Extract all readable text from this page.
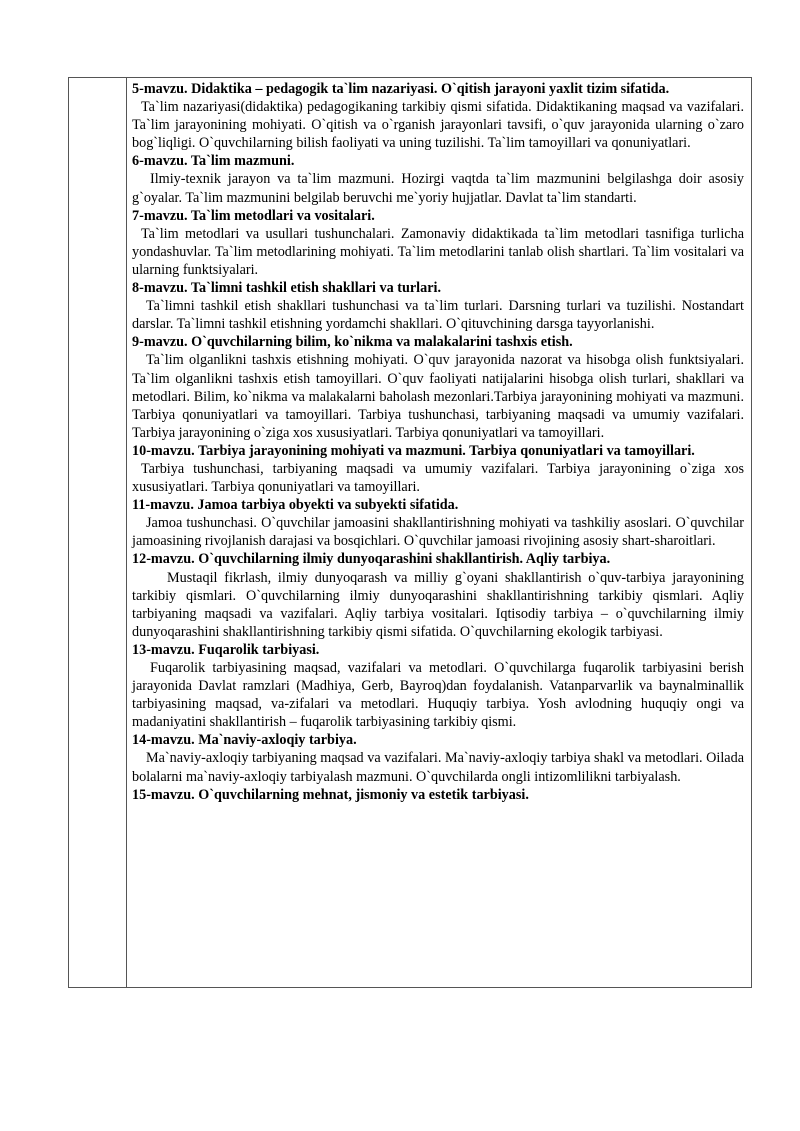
5-mavzu. Didaktika – pedagogik ta`lim nazariyasi. O`qitish jarayoni yaxlit tizim sifatida.

Ta`lim nazariyasi(didaktika) pedagogikaning tarkibiy qismi sifatida. Didaktikaning maqsad va vazifalari. Ta`lim jarayonining mohiyati. O`qitish va o`rganish jarayonlari tavsifi, o`quv jarayonida ularning o`zaro bog`liqligi. O`quvchilarning bilish faoliyati va uning tuzilishi. Ta`lim tamoyillari va qonuniyatlari.

6-mavzu. Ta`lim mazmuni.

Ilmiy-texnik jarayon va ta`lim mazmuni. Hozirgi vaqtda ta`lim mazmunini belgilashga doir asosiy g`oyalar. Ta`lim mazmunini belgilab beruvchi me`yoriy hujjatlar. Davlat ta`lim standarti.

7-mavzu. Ta`lim metodlari va vositalari.

Ta`lim metodlari va usullari tushunchalari. Zamonaviy didaktikada ta`lim metodlari tasnifiga turlicha yondashuvlar. Ta`lim metodlarining mohiyati. Ta`lim metodlarini tanlab olish shartlari. Ta`lim vositalari va ularning funktsiyalari.

8-mavzu. Ta`limni tashkil etish shakllari va turlari.

Ta`limni tashkil etish shakllari tushunchasi va ta`lim turlari. Darsning turlari va tuzilishi. Nostandart darslar. Ta`limni tashkil etishning yordamchi shakllari. O`qituvchining darsga tayyorlanishi.

9-mavzu. O`quvchilarning bilim, ko`nikma va malakalarini tashxis etish.

Ta`lim olganlikni tashxis etishning mohiyati. O`quv jarayonida nazorat va hisobga olish funktsiyalari. Ta`lim olganlikni tashxis etish tamoyillari. O`quv faoliyati natijalarini hisobga olish turlari, shakllari va metodlari. Bilim, ko`nikma va malakalarni baholash mezonlari.Tarbiya jarayonining mohiyati va mazmuni. Tarbiya qonuniyatlari va tamoyillari. Tarbiya tushunchasi, tarbiyaning maqsadi va umumiy vazifalari. Tarbiya jarayonining o`ziga xos xususiyatlari. Tarbiya qonuniyatlari va tamoyillari.

10-mavzu. Tarbiya jarayonining mohiyati va mazmuni. Tarbiya qonuniyatlari va tamoyillari.

Tarbiya tushunchasi, tarbiyaning maqsadi va umumiy vazifalari. Tarbiya jarayonining o`ziga xos xususiyatlari. Tarbiya qonuniyatlari va tamoyillari.

11-mavzu. Jamoa tarbiya obyekti va subyekti sifatida.

Jamoa tushunchasi. O`quvchilar jamoasini shakllantirishning mohiyati va tashkiliy asoslari. O`quvchilar jamoasining rivojlanish darajasi va bosqichlari. O`quvchilar jamoasi rivojining asosiy shart-sharoitlari.

12-mavzu. O`quvchilarning ilmiy dunyoqarashini shakllantirish. Aqliy tarbiya.

Mustaqil fikrlash, ilmiy dunyoqarash va milliy g`oyani shakllantirish o`quv-tarbiya jarayonining tarkibiy qismlari. O`quvchilarning ilmiy dunyoqarashini shakllantirishning tarkibiy qismlari. Aqliy tarbiyaning maqsadi va vazifalari. Aqliy tarbiya vositalari. Iqtisodiy tarbiya – o`quvchilarning ilmiy dunyoqarashini shakllantirishning tarkibiy qismi sifatida. O`quvchilarning ekologik tarbiyasi.

13-mavzu. Fuqarolik tarbiyasi.

Fuqarolik tarbiyasining maqsad, vazifalari va metodlari. O`quvchilarga fuqarolik tarbiyasini berish jarayonida Davlat ramzlari (Madhiya, Gerb, Bayroq)dan foydalanish. Vatanparvarlik va baynalminallik tarbiyasining maqsad, va-zifalari va metodlari. Huquqiy tarbiya. Yosh avlodning huquqiy ongi va madaniyatini shakllantirish – fuqarolik tarbiyasining tarkibiy qismi.

14-mavzu. Ma`naviy-axloqiy tarbiya.

Ma`naviy-axloqiy tarbiyaning maqsad va vazifalari. Ma`naviy-axloqiy tarbiya shakl va metodlari. Oilada bolalarni ma`naviy-axloqiy tarbiyalash mazmuni. O`quvchilarda ongli intizomlilikni tarbiyalash.

15-mavzu. O`quvchilarning mehnat, jismoniy va estetik tarbiyasi.
